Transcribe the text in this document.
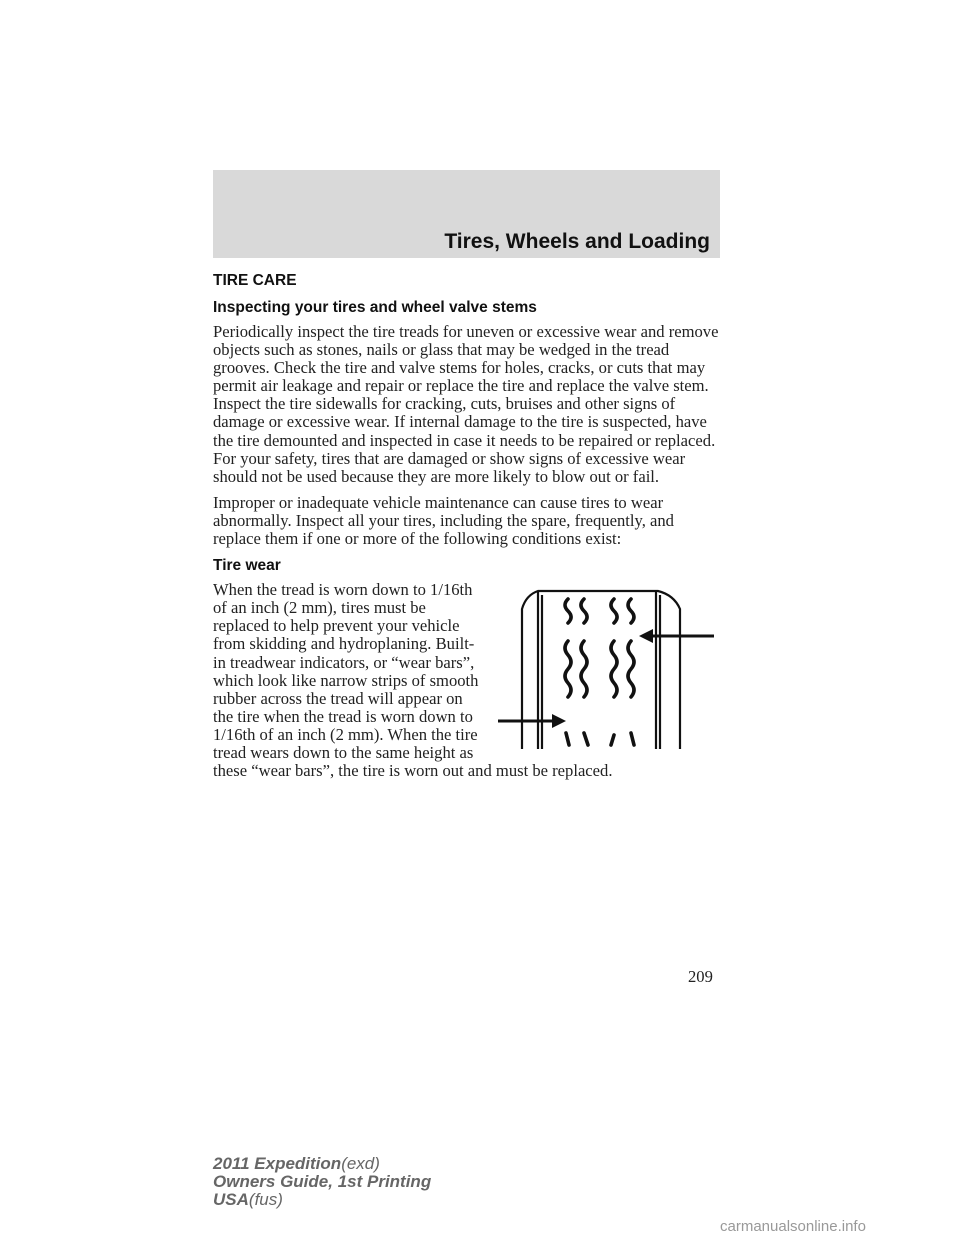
Tires, Wheels and Loading
TIRE CARE
Inspecting your tires and wheel valve stems

Periodically inspect the tire treads for uneven or excessive wear and remove objects such as stones, nails or glass that may be wedged in the tread grooves. Check the tire and valve stems for holes, cracks, or cuts that may permit air leakage and repair or replace the tire and replace the valve stem. Inspect the tire sidewalls for cracking, cuts, bruises and other signs of damage or excessive wear. If internal damage to the tire is suspected, have the tire demounted and inspected in case it needs to be repaired or replaced. For your safety, tires that are damaged or show signs of excessive wear should not be used because they are more likely to blow out or fail.

Improper or inadequate vehicle maintenance can cause tires to wear abnormally. Inspect all your tires, including the spare, frequently, and replace them if one or more of the following conditions exist:

Tire wear

When the tread is worn down to 1/16th of an inch (2 mm), tires must be replaced to help prevent your vehicle from skidding and hydroplaning. Built-in treadwear indicators, or “wear bars”, which look like narrow strips of smooth rubber across the tread will appear on the tire when the tread is worn down to 1/16th of an inch (2 mm). When the tire tread wears down to the same height as these “wear bars”, the tire is worn out and must be replaced.

209
2011 Expedition(exd)
Owners Guide, 1st Printing
USA(fus)
carmanualsonline.info
